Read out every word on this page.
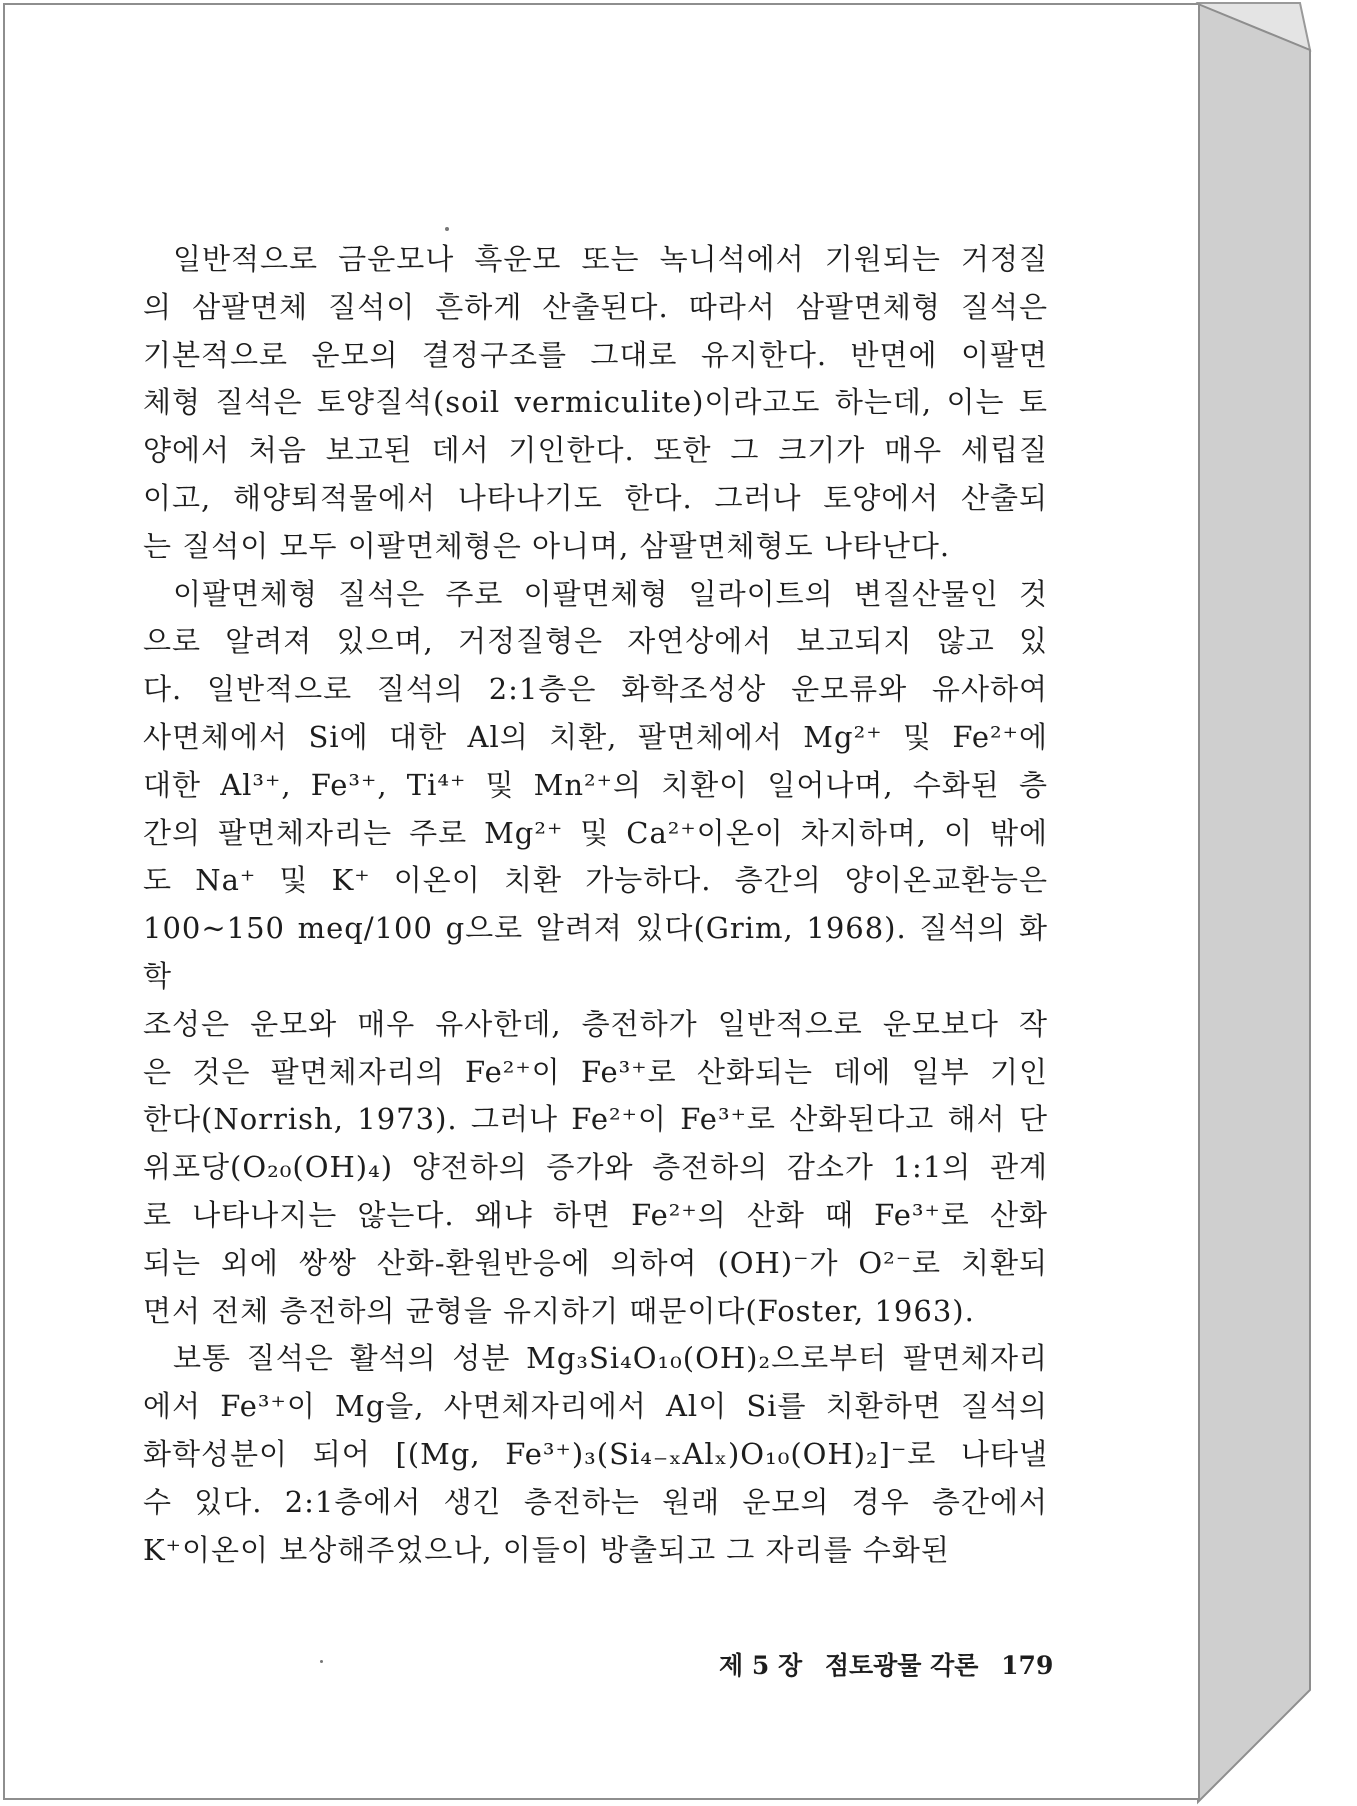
일반적으로 금운모나 흑운모 또는 녹니석에서 기원되는 거정질
의 삼팔면체 질석이 흔하게 산출된다. 따라서 삼팔면체형 질석은
기본적으로 운모의 결정구조를 그대로 유지한다. 반면에 이팔면
체형 질석은 토양질석(soil vermiculite)이라고도 하는데, 이는 토
양에서 처음 보고된 데서 기인한다. 또한 그 크기가 매우 세립질
이고, 해양퇴적물에서 나타나기도 한다. 그러나 토양에서 산출되
는 질석이 모두 이팔면체형은 아니며, 삼팔면체형도 나타난다.

이팔면체형 질석은 주로 이팔면체형 일라이트의 변질산물인 것
으로 알려져 있으며, 거정질형은 자연상에서 보고되지 않고 있
다. 일반적으로 질석의 2:1층은 화학조성상 운모류와 유사하여
사면체에서 Si에 대한 Al의 치환, 팔면체에서 Mg²⁺ 및 Fe²⁺에
대한 Al³⁺, Fe³⁺, Ti⁴⁺ 및 Mn²⁺의 치환이 일어나며, 수화된 층
간의 팔면체자리는 주로 Mg²⁺ 및 Ca²⁺이온이 차지하며, 이 밖에
도 Na⁺ 및 K⁺ 이온이 치환 가능하다. 층간의 양이온교환능은
100∼150 meq/100 g으로 알려져 있다(Grim, 1968). 질석의 화학
조성은 운모와 매우 유사한데, 층전하가 일반적으로 운모보다 작
은 것은 팔면체자리의 Fe²⁺이 Fe³⁺로 산화되는 데에 일부 기인
한다(Norrish, 1973). 그러나 Fe²⁺이 Fe³⁺로 산화된다고 해서 단
위포당(O₂₀(OH)₄) 양전하의 증가와 층전하의 감소가 1:1의 관계
로 나타나지는 않는다. 왜냐 하면 Fe²⁺의 산화 때 Fe³⁺로 산화
되는 외에 쌍쌍 산화-환원반응에 의하여 (OH)⁻가 O²⁻로 치환되
면서 전체 층전하의 균형을 유지하기 때문이다(Foster, 1963).

보통 질석은 활석의 성분 Mg₃Si₄O₁₀(OH)₂으로부터 팔면체자리
에서 Fe³⁺이 Mg을, 사면체자리에서 Al이 Si를 치환하면 질석의
화학성분이 되어 [(Mg, Fe³⁺)₃(Si₄₋ₓAlₓ)O₁₀(OH)₂]⁻로 나타낼
수 있다. 2:1층에서 생긴 층전하는 원래 운모의 경우 층간에서
K⁺이온이 보상해주었으나, 이들이 방출되고 그 자리를 수화된

제 5 장 점토광물 각론 179
